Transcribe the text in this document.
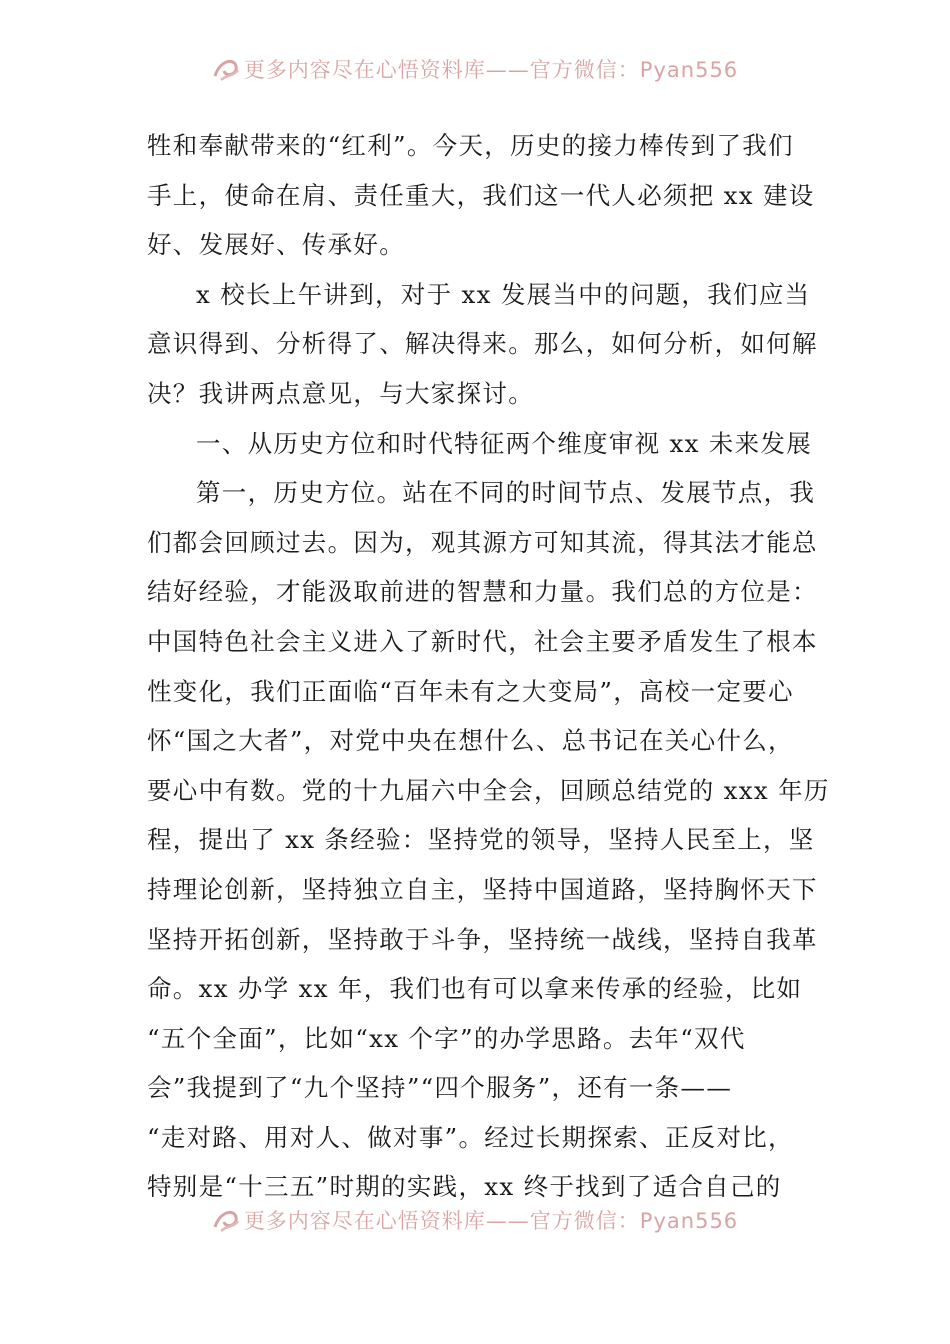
更多内容尽在心悟资料库——官方微信：Pyan556

牲和奉献带来的“红利”。今天，历史的接力棒传到了我们

手上，使命在肩、责任重大，我们这一代人必须把 xx 建设

好、发展好、传承好。

x 校长上午讲到，对于 xx 发展当中的问题，我们应当

意识得到、分析得了、解决得来。那么，如何分析，如何解

决？我讲两点意见，与大家探讨。

一、从历史方位和时代特征两个维度审视 xx 未来发展

第一，历史方位。站在不同的时间节点、发展节点，我

们都会回顾过去。因为，观其源方可知其流，得其法才能总

结好经验，才能汲取前进的智慧和力量。我们总的方位是：

中国特色社会主义进入了新时代，社会主要矛盾发生了根本

性变化，我们正面临“百年未有之大变局”，高校一定要心

怀“国之大者”，对党中央在想什么、总书记在关心什么，

要心中有数。党的十九届六中全会，回顾总结党的 xxx 年历

程，提出了 xx 条经验：坚持党的领导，坚持人民至上，坚

持理论创新，坚持独立自主，坚持中国道路，坚持胸怀天下

坚持开拓创新，坚持敢于斗争，坚持统一战线，坚持自我革

命。xx 办学 xx 年，我们也有可以拿来传承的经验，比如

“五个全面”，比如“xx 个字”的办学思路。去年“双代

会”我提到了“九个坚持”“四个服务”，还有一条——

“走对路、用对人、做对事”。经过长期探索、正反对比，

特别是“十三五”时期的实践，xx 终于找到了适合自己的

更多内容尽在心悟资料库——官方微信：Pyan556
